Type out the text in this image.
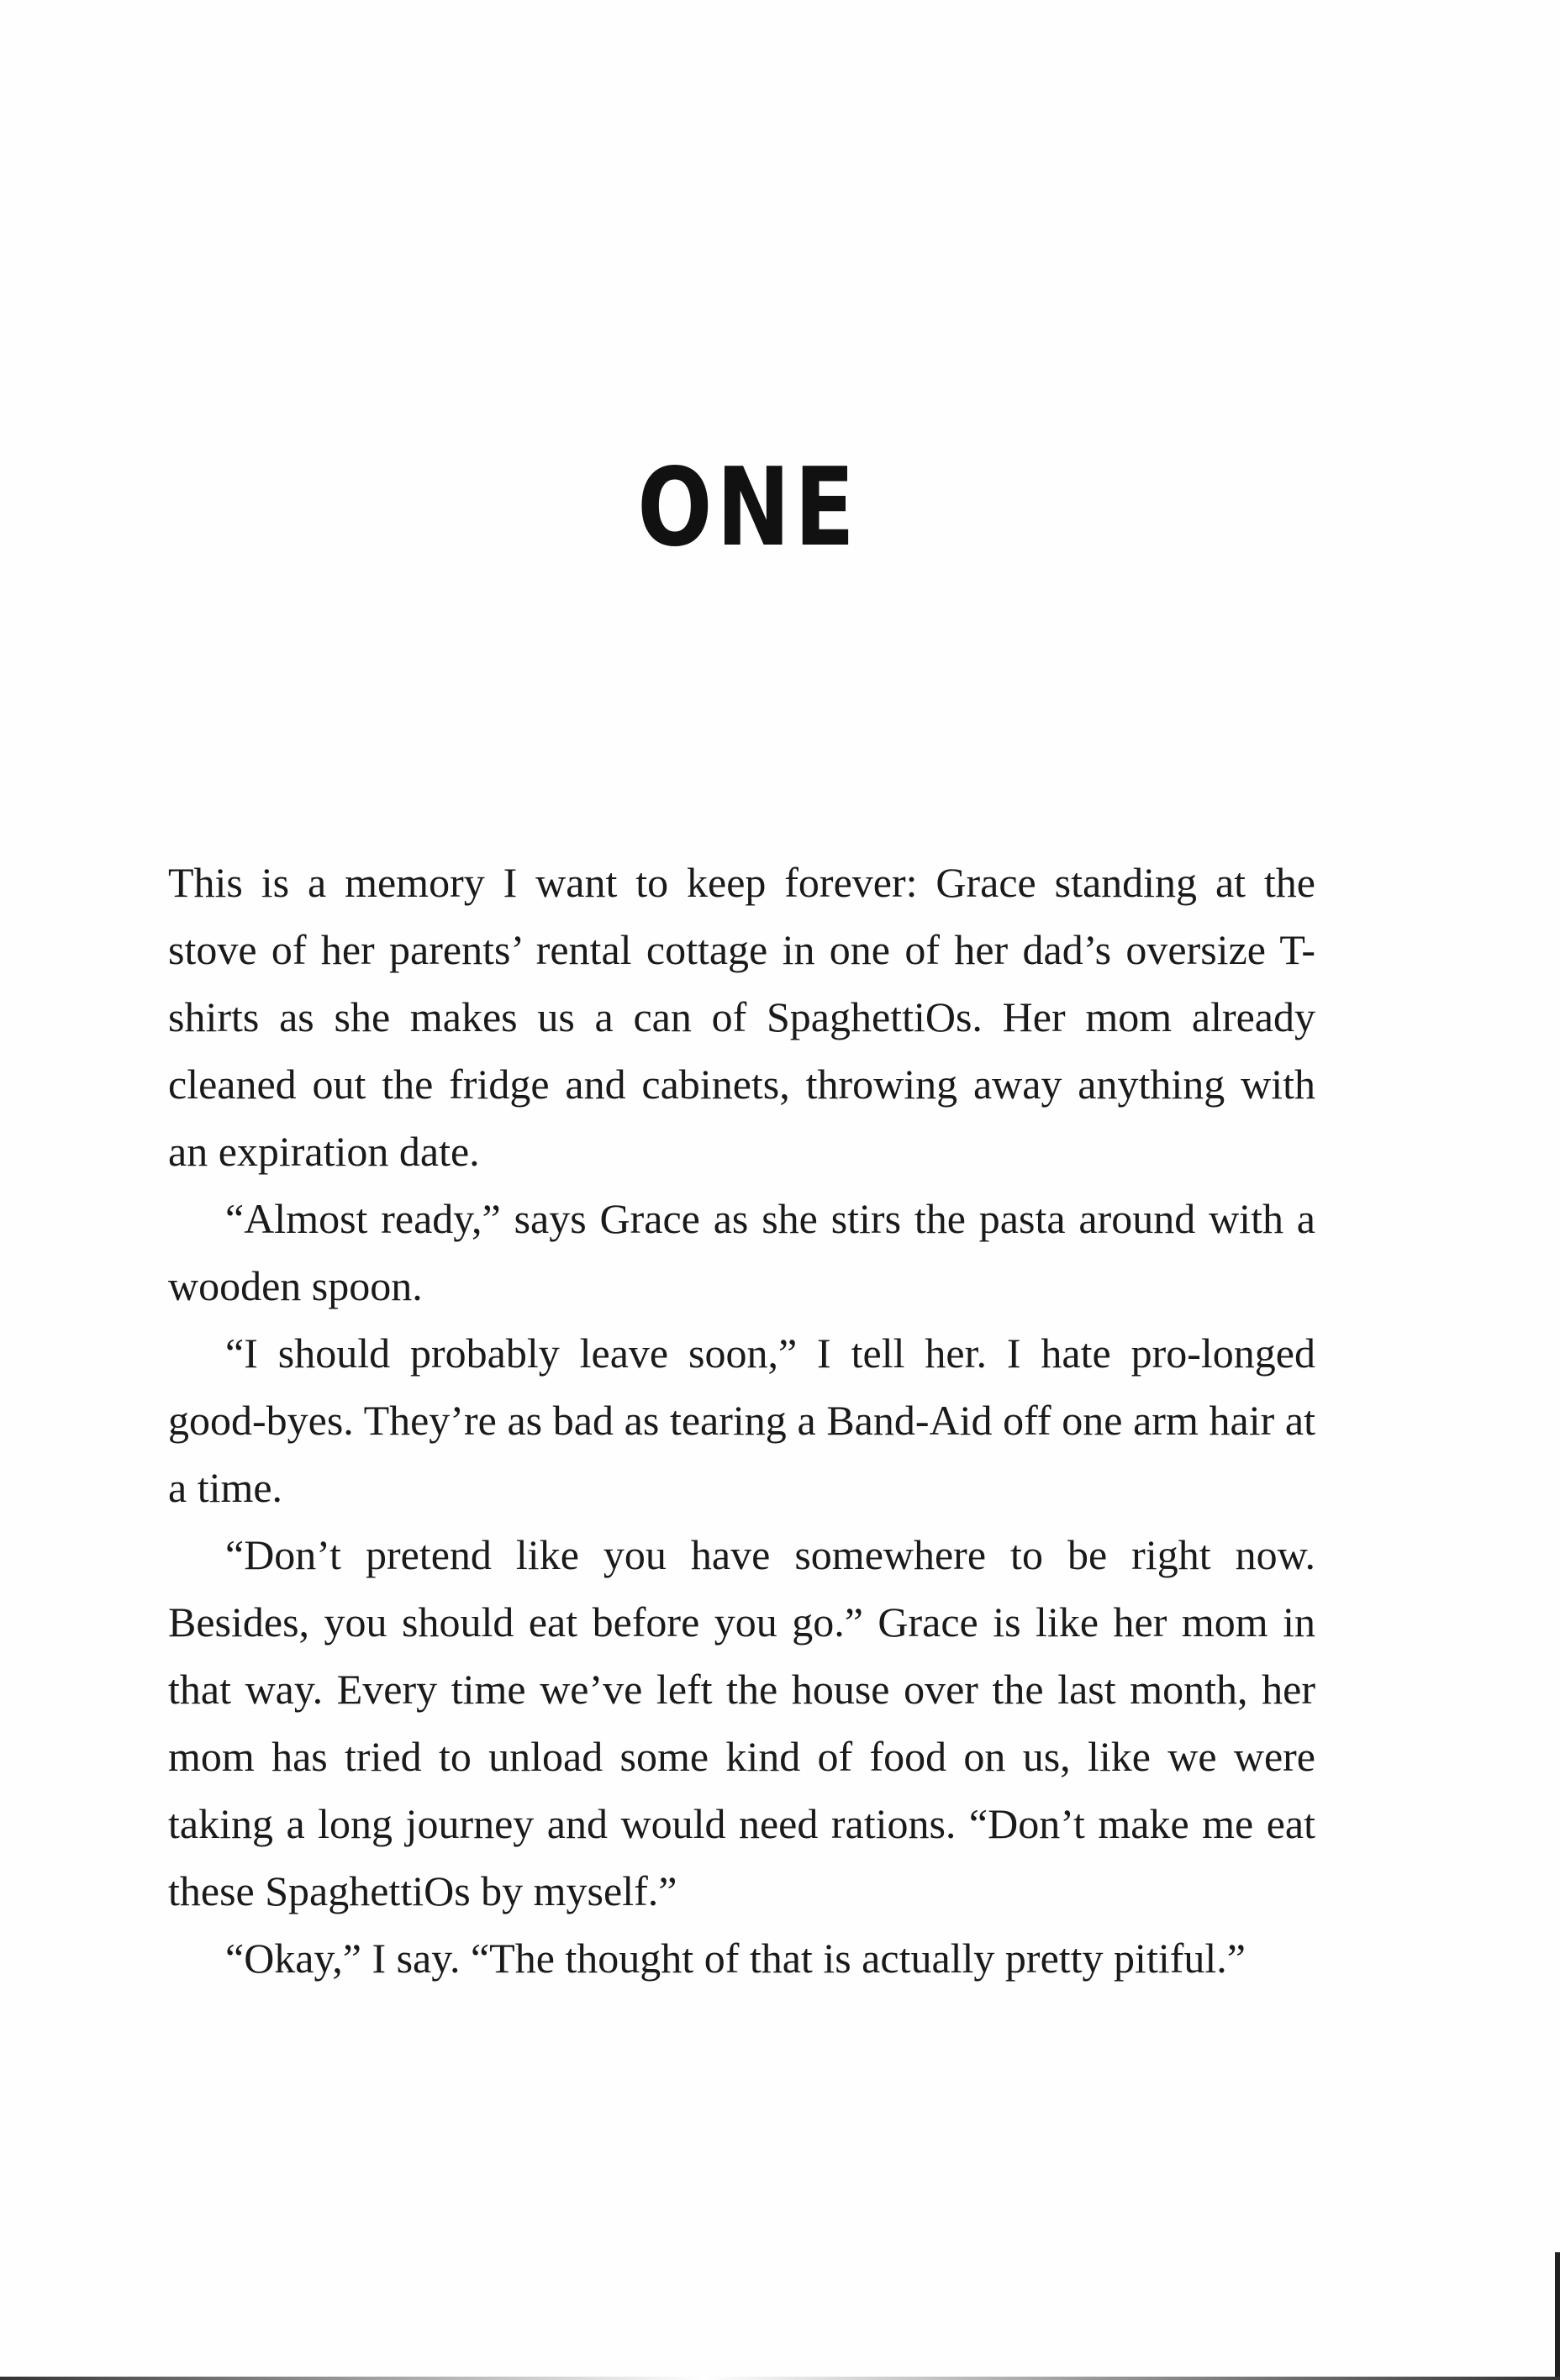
ONE

This is a memory I want to keep forever: Grace standing at the stove of her parents’ rental cottage in one of her dad’s oversize T-shirts as she makes us a can of SpaghettiOs. Her mom already cleaned out the fridge and cabinets, throwing away anything with an expiration date.

“Almost ready,” says Grace as she stirs the pasta around with a wooden spoon.

“I should probably leave soon,” I tell her. I hate pro-longed good-byes. They’re as bad as tearing a Band-Aid off one arm hair at a time.

“Don’t pretend like you have somewhere to be right now. Besides, you should eat before you go.” Grace is like her mom in that way. Every time we’ve left the house over the last month, her mom has tried to unload some kind of food on us, like we were taking a long journey and would need rations. “Don’t make me eat these SpaghettiOs by myself.”

“Okay,” I say. “The thought of that is actually pretty pitiful.”
